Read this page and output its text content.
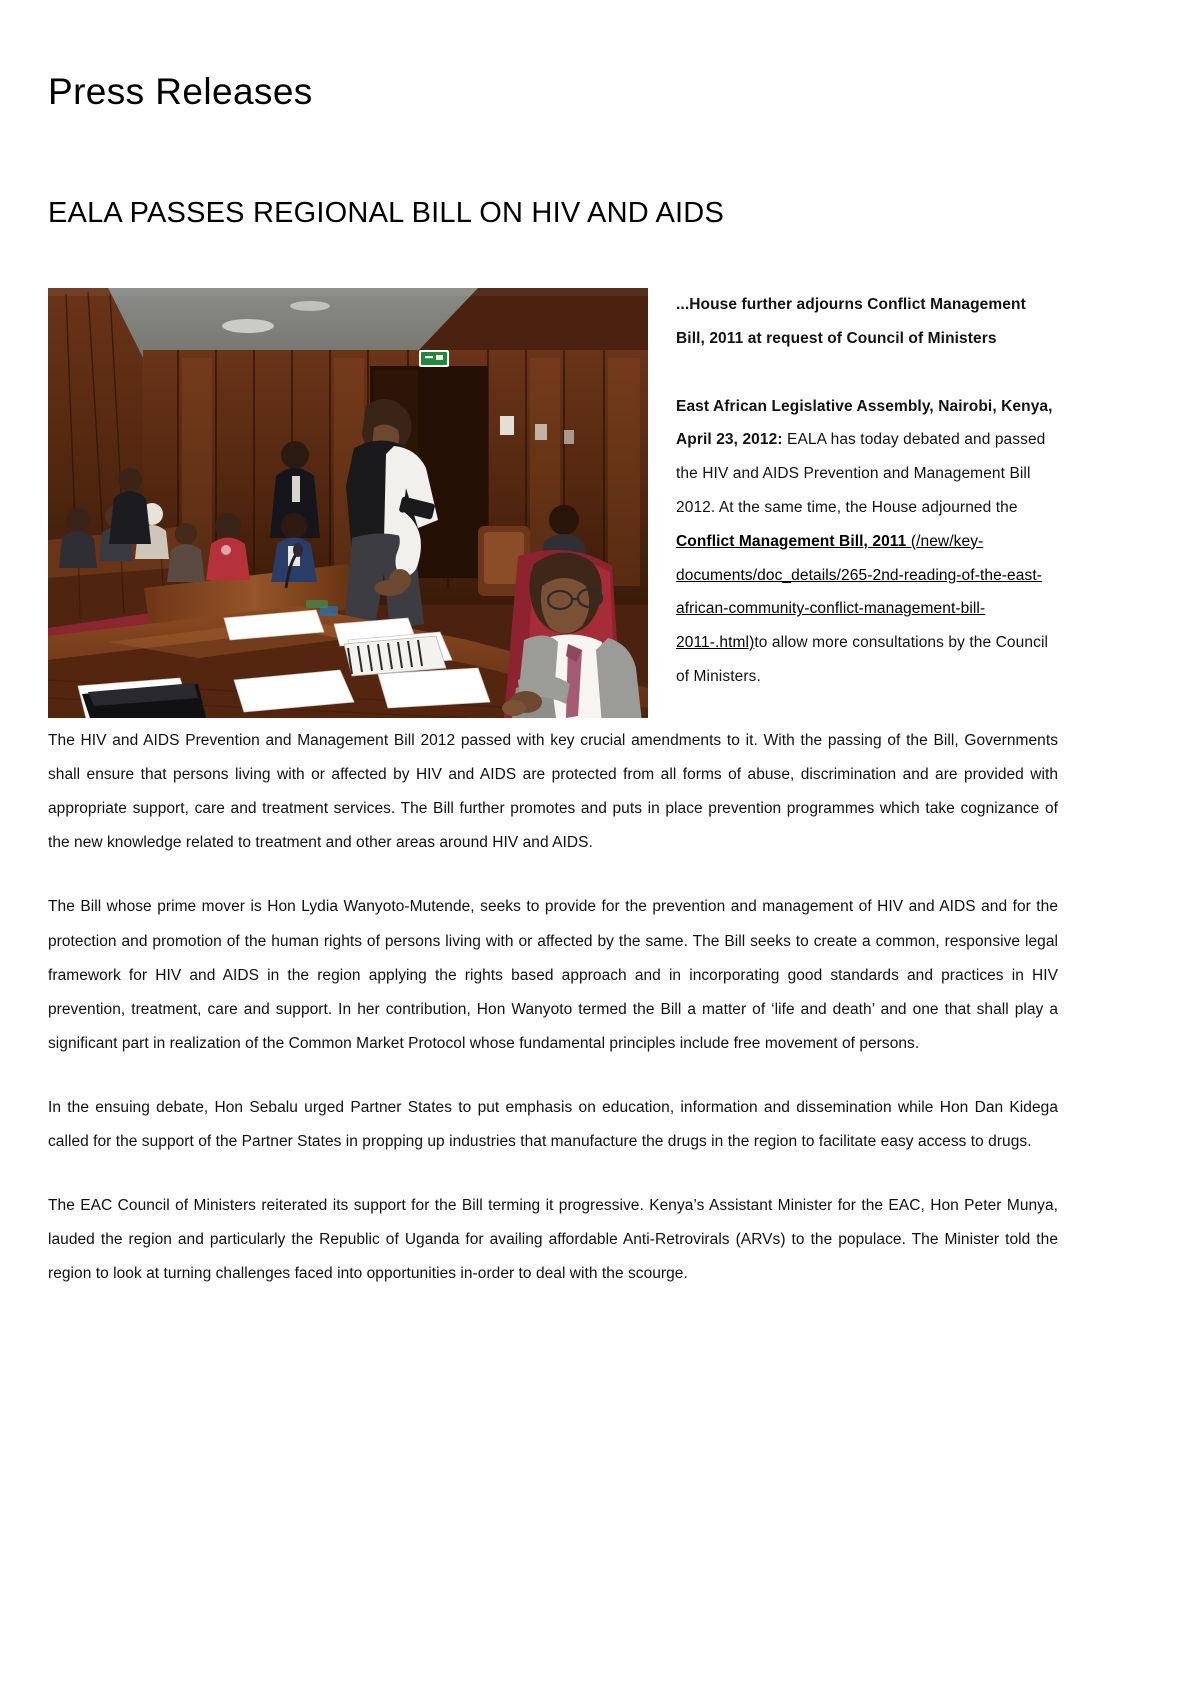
Press Releases
EALA PASSES REGIONAL BILL ON HIV AND AIDS
...House further adjourns Conflict Management Bill, 2011 at request of Council of Ministers
East African Legislative Assembly, Nairobi, Kenya, April 23, 2012: EALA has today debated and passed the HIV and AIDS Prevention and Management Bill 2012. At the same time, the House adjourned the Conflict Management Bill, 2011 (/new/key-documents/doc_details/265-2nd-reading-of-the-east-african-community-conflict-management-bill-2011-.html)to allow more consultations by the Council of Ministers.

The HIV and AIDS Prevention and Management Bill 2012 passed with key crucial amendments to it. With the passing of the Bill, Governments shall ensure that persons living with or affected by HIV and AIDS are protected from all forms of abuse, discrimination and are provided with appropriate support, care and treatment services. The Bill further promotes and puts in place prevention programmes which take cognizance of the new knowledge related to treatment and other areas around HIV and AIDS.

The Bill whose prime mover is Hon Lydia Wanyoto-Mutende, seeks to provide for the prevention and management of HIV and AIDS and for the protection and promotion of the human rights of persons living with or affected by the same. The Bill seeks to create a common, responsive legal framework for HIV and AIDS in the region applying the rights based approach and in incorporating good standards and practices in HIV prevention, treatment, care and support. In her contribution, Hon Wanyoto termed the Bill a matter of ‘life and death’ and one that shall play a significant part in realization of the Common Market Protocol whose fundamental principles include free movement of persons.

In the ensuing debate, Hon Sebalu urged Partner States to put emphasis on education, information and dissemination while Hon Dan Kidega called for the support of the Partner States in propping up industries that manufacture the drugs in the region to facilitate easy access to drugs.

The EAC Council of Ministers reiterated its support for the Bill terming it progressive. Kenya’s Assistant Minister for the EAC, Hon Peter Munya, lauded the region and particularly the Republic of Uganda for availing affordable Anti-Retrovirals (ARVs) to the populace. The Minister told the region to look at turning challenges faced into opportunities in-order to deal with the scourge.
